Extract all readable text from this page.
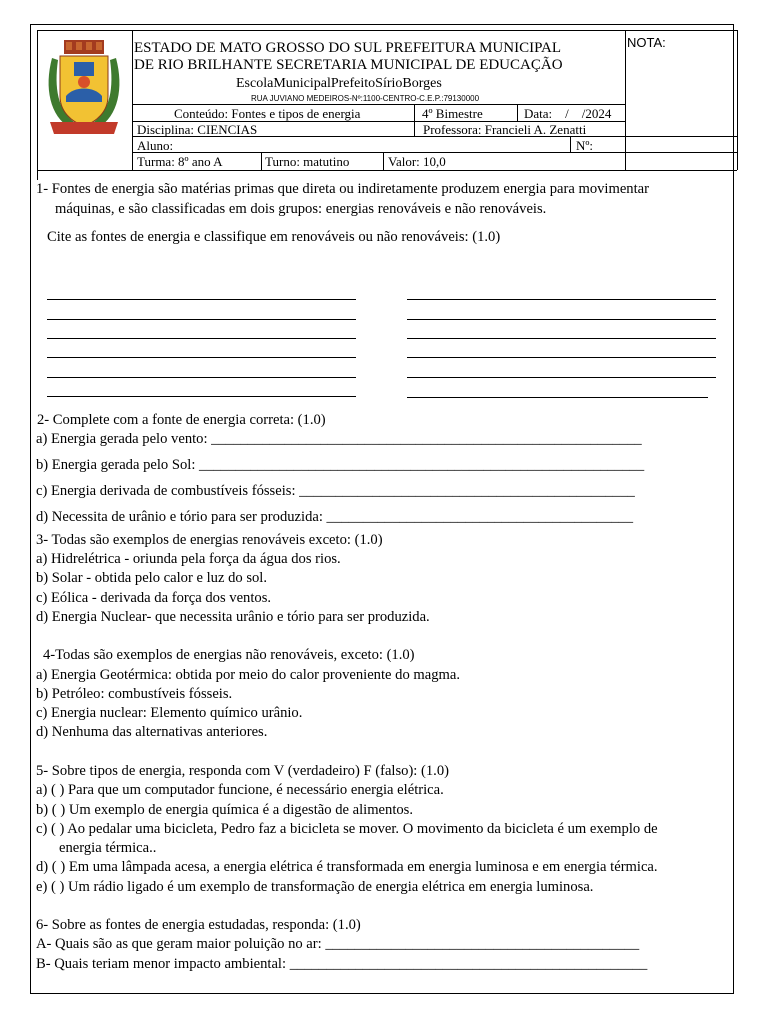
ESTADO DE MATO GROSSO DO SUL PREFEITURA MUNICIPAL
DE RIO BRILHANTE SECRETARIA MUNICIPAL DE EDUCAÇÃO
EscolaMunicipalPrefeitoSírioBorges
RUA JUVIANO MEDEIROS-Nº:1100-CENTRO-C.E.P.:79130000
NOTA:
Conteúdo: Fontes e tipos de energia	4º Bimestre	Data:    /    /2024
Disciplina: CIENCIAS	Professora: Francieli A. Zenatti
Aluno:	Nº:
Turma: 8º ano A	Turno: matutino	Valor: 10,0
1- Fontes de energia são matérias primas que direta ou indiretamente produzem energia para movimentar
máquinas, e são classificadas em dois grupos: energias renováveis e não renováveis.
Cite as fontes de energia e classifique em renováveis ou não renováveis: (1.0)
2- Complete com a fonte de energia correta: (1.0)
a) Energia gerada pelo vento: ___________________________________________________________
b) Energia gerada pelo Sol: _____________________________________________________________
c) Energia derivada de combustíveis fósseis: ______________________________________________
d) Necessita de urânio e tório para ser produzida: __________________________________________
3- Todas são exemplos de energias renováveis exceto: (1.0)
a) Hidrelétrica - oriunda pela força da água dos rios.
b) Solar - obtida pelo calor e luz do sol.
c) Eólica - derivada da força dos ventos.
d) Energia Nuclear- que necessita urânio e tório para ser produzida.
4-Todas são exemplos de energias não renováveis, exceto: (1.0)
a) Energia Geotérmica: obtida por meio do calor proveniente do magma.
b) Petróleo: combustíveis fósseis.
c) Energia nuclear: Elemento químico urânio.
d) Nenhuma das alternativas anteriores.
5- Sobre tipos de energia, responda com V (verdadeiro) F (falso): (1.0)
a) ( ) Para que um computador funcione, é necessário energia elétrica.
b) ( ) Um exemplo de energia química é a digestão de alimentos.
c) ( ) Ao pedalar uma bicicleta, Pedro faz a bicicleta se mover. O movimento da bicicleta é um exemplo de
energia térmica..
d) ( ) Em uma lâmpada acesa, a energia elétrica é transformada em energia luminosa e em energia térmica.
e) ( ) Um rádio ligado é um exemplo de transformação de energia elétrica em energia luminosa.
6- Sobre as fontes de energia estudadas, responda: (1.0)
A- Quais são as que geram maior poluição no ar: ___________________________________________
B- Quais teriam menor impacto ambiental: _________________________________________________
